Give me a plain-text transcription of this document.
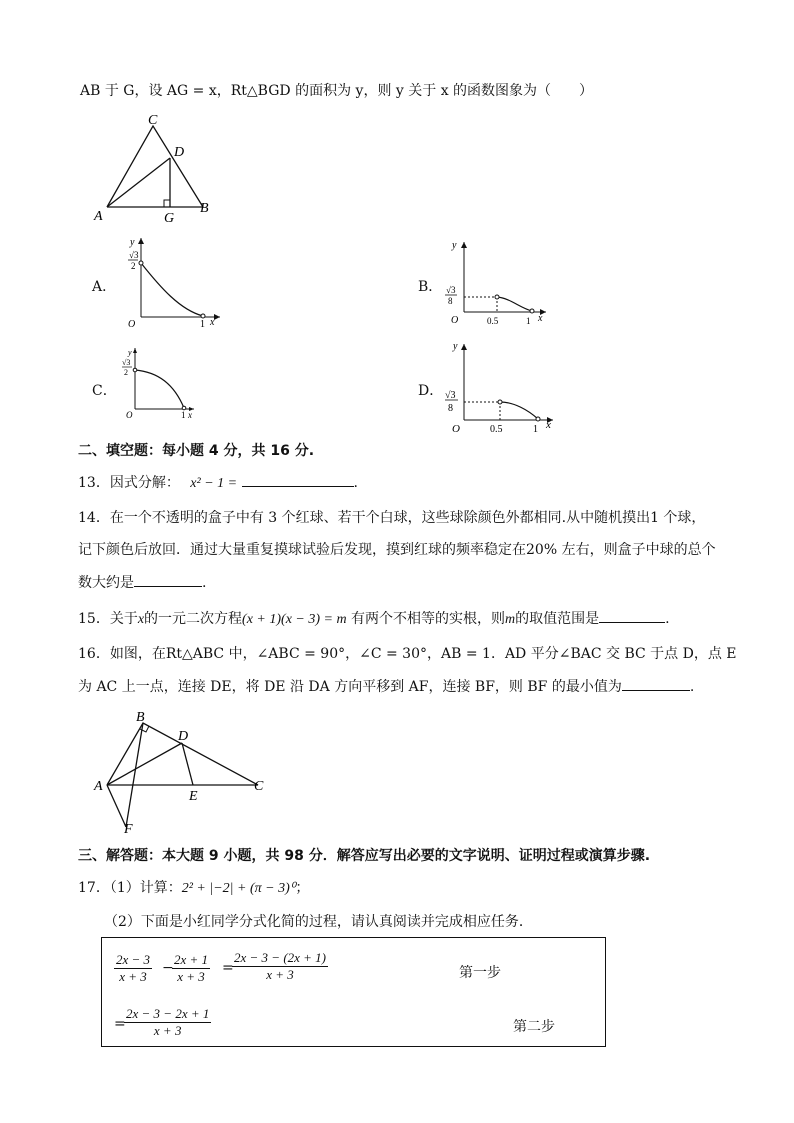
AB 于 G，设 AG = x，Rt△BGD 的面积为 y，则 y 关于 x 的函数图象为（　　）
A
B
C
D
G
A．
y
√3
2
O	1 x
B．
y
√3
8
O	0.5	1 x
C．
y
√3
2
O	1 x
D．
y
√3
8
O	0.5	1 x
二、填空题：每小题 4 分，共 16 分.
13．因式分解： x² − 1 =	.
14．在一个不透明的盒子中有 3 个红球、若干个白球，这些球除颜色外都相同.从中随机摸出1 个球，
记下颜色后放回．通过大量重复摸球试验后发现，摸到红球的频率稳定在20% 左右，则盒子中球的总个
数大约是	.
15．关于x的一元二次方程(x + 1)(x − 3) = m 有两个不相等的实根，则m的取值范围是	.
16．如图，在Rt△ABC 中，∠ABC = 90°，∠C = 30°，AB = 1．AD 平分∠BAC 交 BC 于点 D，点 E
为 AC 上一点，连接 DE，将 DE 沿 DA 方向平移到 AF，连接 BF，则 BF 的最小值为	.
B
D
A
E
C
F
三、解答题：本大题 9 小题，共 98 分．解答应写出必要的文字说明、证明过程或演算步骤.
17．（1）计算：2² + |−2| + (π − 3)⁰；
（2）下面是小红同学分式化简的过程，请认真阅读并完成相应任务．
$\frac{2x - 3}{x + 3}$ −
$\frac{2x + 1}{x + 3}$ =
$\frac{2x - 3 - (2x + 1)}{x + 3}$	第一步
=
$\frac{2x - 3 - 2x + 1}{x + 3}$	第二步
